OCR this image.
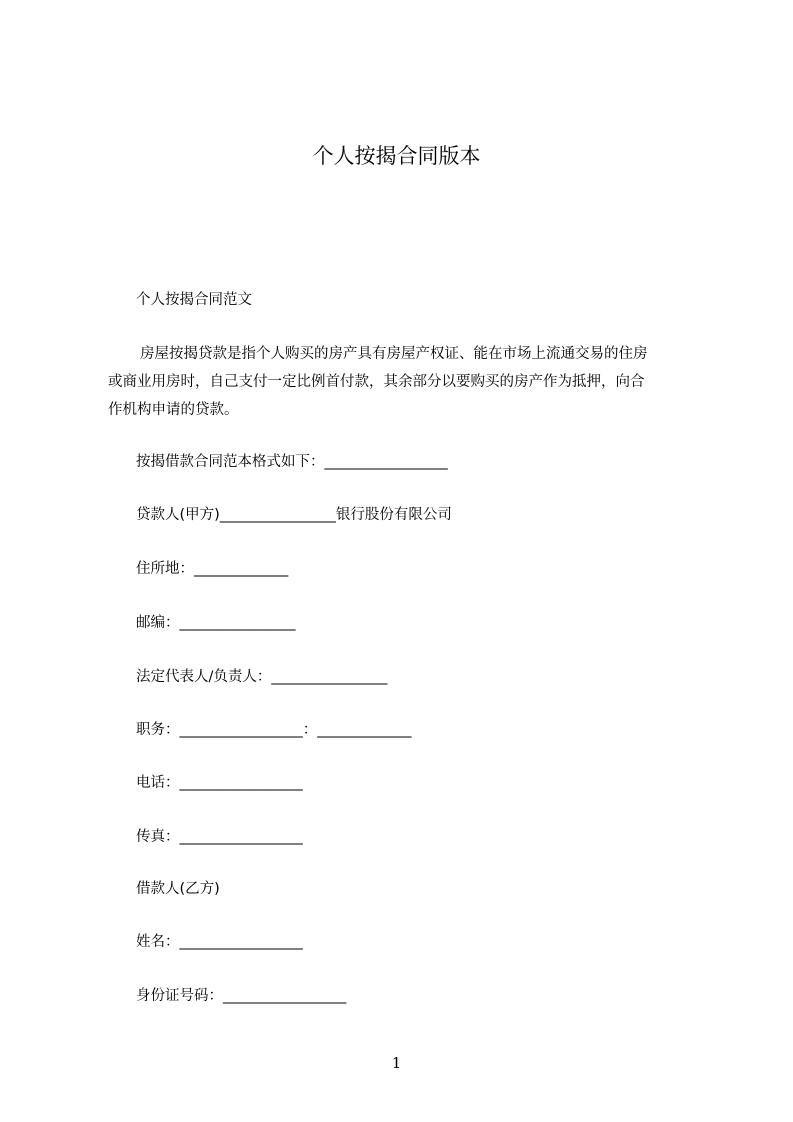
个人按揭合同版本
个人按揭合同范文
房屋按揭贷款是指个人购买的房产具有房屋产权证、能在市场上流通交易的住房
或商业用房时，自己支付一定比例首付款，其余部分以要购买的房产作为抵押，向合
作机构申请的贷款。
按揭借款合同范本格式如下：_________________
贷款人(甲方)________________银行股份有限公司
住所地：_____________
邮编：________________
法定代表人/负责人：________________
职务：_________________：_____________
电话：_________________
传真：_________________
借款人(乙方)
姓名：_________________
身份证号码：_________________
1
